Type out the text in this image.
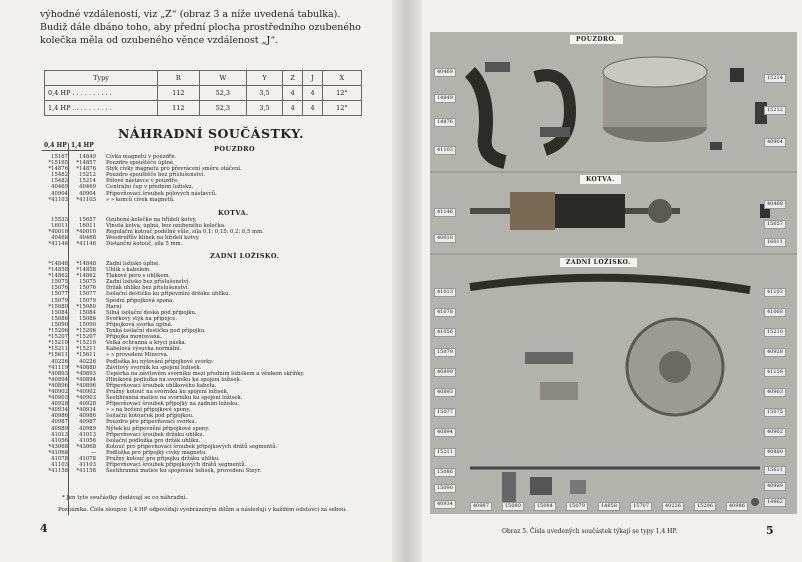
výhodné vzdáleností, viz „Z“ (obraz 3 a níže uvedená tabulka). Budiž dále dbáno toho, aby přední plocha prostředního ozubeného kolečka měla od ozubeného věnce vzdálenost „J“.
Typy	R	W	Y	Z	J	X
0,4 HP . . . . . . . . . .	112	52,3	3,5	4	4	12°
1,4 HP . . . . . . . . . .	112	52,3	3,5	4	4	12°
NÁHRADNÍ SOUČÁSTKY.
0,4 HP 1,4 HP	POUZDRO
15167	14849	Cívka magnetu v pouzdře.
*15165	*14857	Pouzdro spouštěče úplné.
*14876	*14876	Styk cívky magnetu pro převrácení směru otáčení.
15482	15212	Pouzdro spouštěče bez příslušenství.
15483	15214	Pólové nástavce v pouzdře.
40469	40469	Centrální čep v předním ložisku.
40904	40904	Připevňovací šroubek pólových nástavců.
*41103	*41103	» » konců cívek magnetů.
KOTVA.
15533	15657	Ozubené kolečko na hřídeli kotvy.
16011	16011	Vinutá kotva, úplná, bez ozubeného kolečka.
*40010	*40010	Regulační kotouč podélné vůle, síla 0,1; 0,15; 0,2; 0,5 mm.
40468	40468	Woodruffův klínek na hřídeli kotvy.
*41146	*41146	Distanční kotouč, síla 5 mm.
ZADNÍ LOŽISKO.
*14848	*14848	Zadní ložisko úplné.
*14858	*14858	Uhlík s kabelem.
*14862	*14862	Tlakové pero s uhlíkem.
15075	15075	Zadní ložisko bez příslušenství.
15076	15076	Držák uhlíku bez příslušenství.
15077	15077	Isolační destička ku připevnění držáku uhlíku.
15079	15079	Spodní připojková spona.
*15080	*15080	Harni
15084	15084	Silná isolační deska pod připojku.
15086	15086	Svorkový styk na připojce.
15090	15090	Připojková svorka úplná.
*15206	*15206	Tenká isolační destička pod připojku.
*15207	*15207	Připojka montovaná.
*15210	*15210	Velká ochranná a krycí páska.
*15211	*15211	Kabelová výsuvka normální.
*15611	*15611	» » provedení Minerva.
40226	40226	Podložka ku nýtování připojkové svorky.
*41119	*40880	Závitový svorník ku spojení ložisek.
*40893	*40893	Úepérka na závitovém svorníku mezi předním ložiskem a věnkem skříňky.
*40894	*40894	Hliníková podložka na svorníku ku spojení ložisek.
*40896	*40896	Připevňovací šroubek uhlíkového kabelu.
*40902	*40902	Pružný kotouč na svorníku ku spojení ložisek.
*40903	*40903	Šestihranná matice na svorníku ku spojení ložisek.
40928	40928	Připevňovací šroubek připojky na zadním ložisku.
*40934	*40934	» » na bočení připojkové spony.
40986	40986	Isolační kotouček pod připojkou.
40987	40987	Pouzdro pro připevňovací svorku.
40989	40989	Nýtek ku připevnění připojkové spony.
41013	41013	Připevňovací šroubek držáku uhlíku.
41056	41056	Isolační podložka pro držák uhlíku.
*43068	*43068	Kotouč pro připevňovací šroubek připojkových drátů segmentů.
*41068	—	Podložka pro připojky cívky magnetu.
41078	41078	Pružný kotouč pro připojku držáku uhlíku.
41103	41103	Připevňovací šroubek připojkových drátů segmentů.
*41158	*41158	Šestihranná matice ku spojování ložisek, provedení Steyr.
* Jen tyto součástky dodávají se co náhradní.
Poznámka. Čísla sloupce 1,4 HP odpovídají vyobrazeným dílům a následují v každém odstavci za sebou.
4
POUZDRO.
KOTVA.
ZADNÍ LOŽISKO.
40469
14849
14876
41103
41146
40010
41013
41078
41056
15079
40899
40893
15077
40894
15211
15086
15090
40934
15214
15212
40904
40468
15657
16011
41103
41068
15210
40928
41158
40903
15075
40902
40880
15611
40989
14862
40987	15080	15084	15079	14858	15707	40226	15206	40986
Obraz 5. Čísla uvedených součástek týkají se typy 1,4 HP.	5
